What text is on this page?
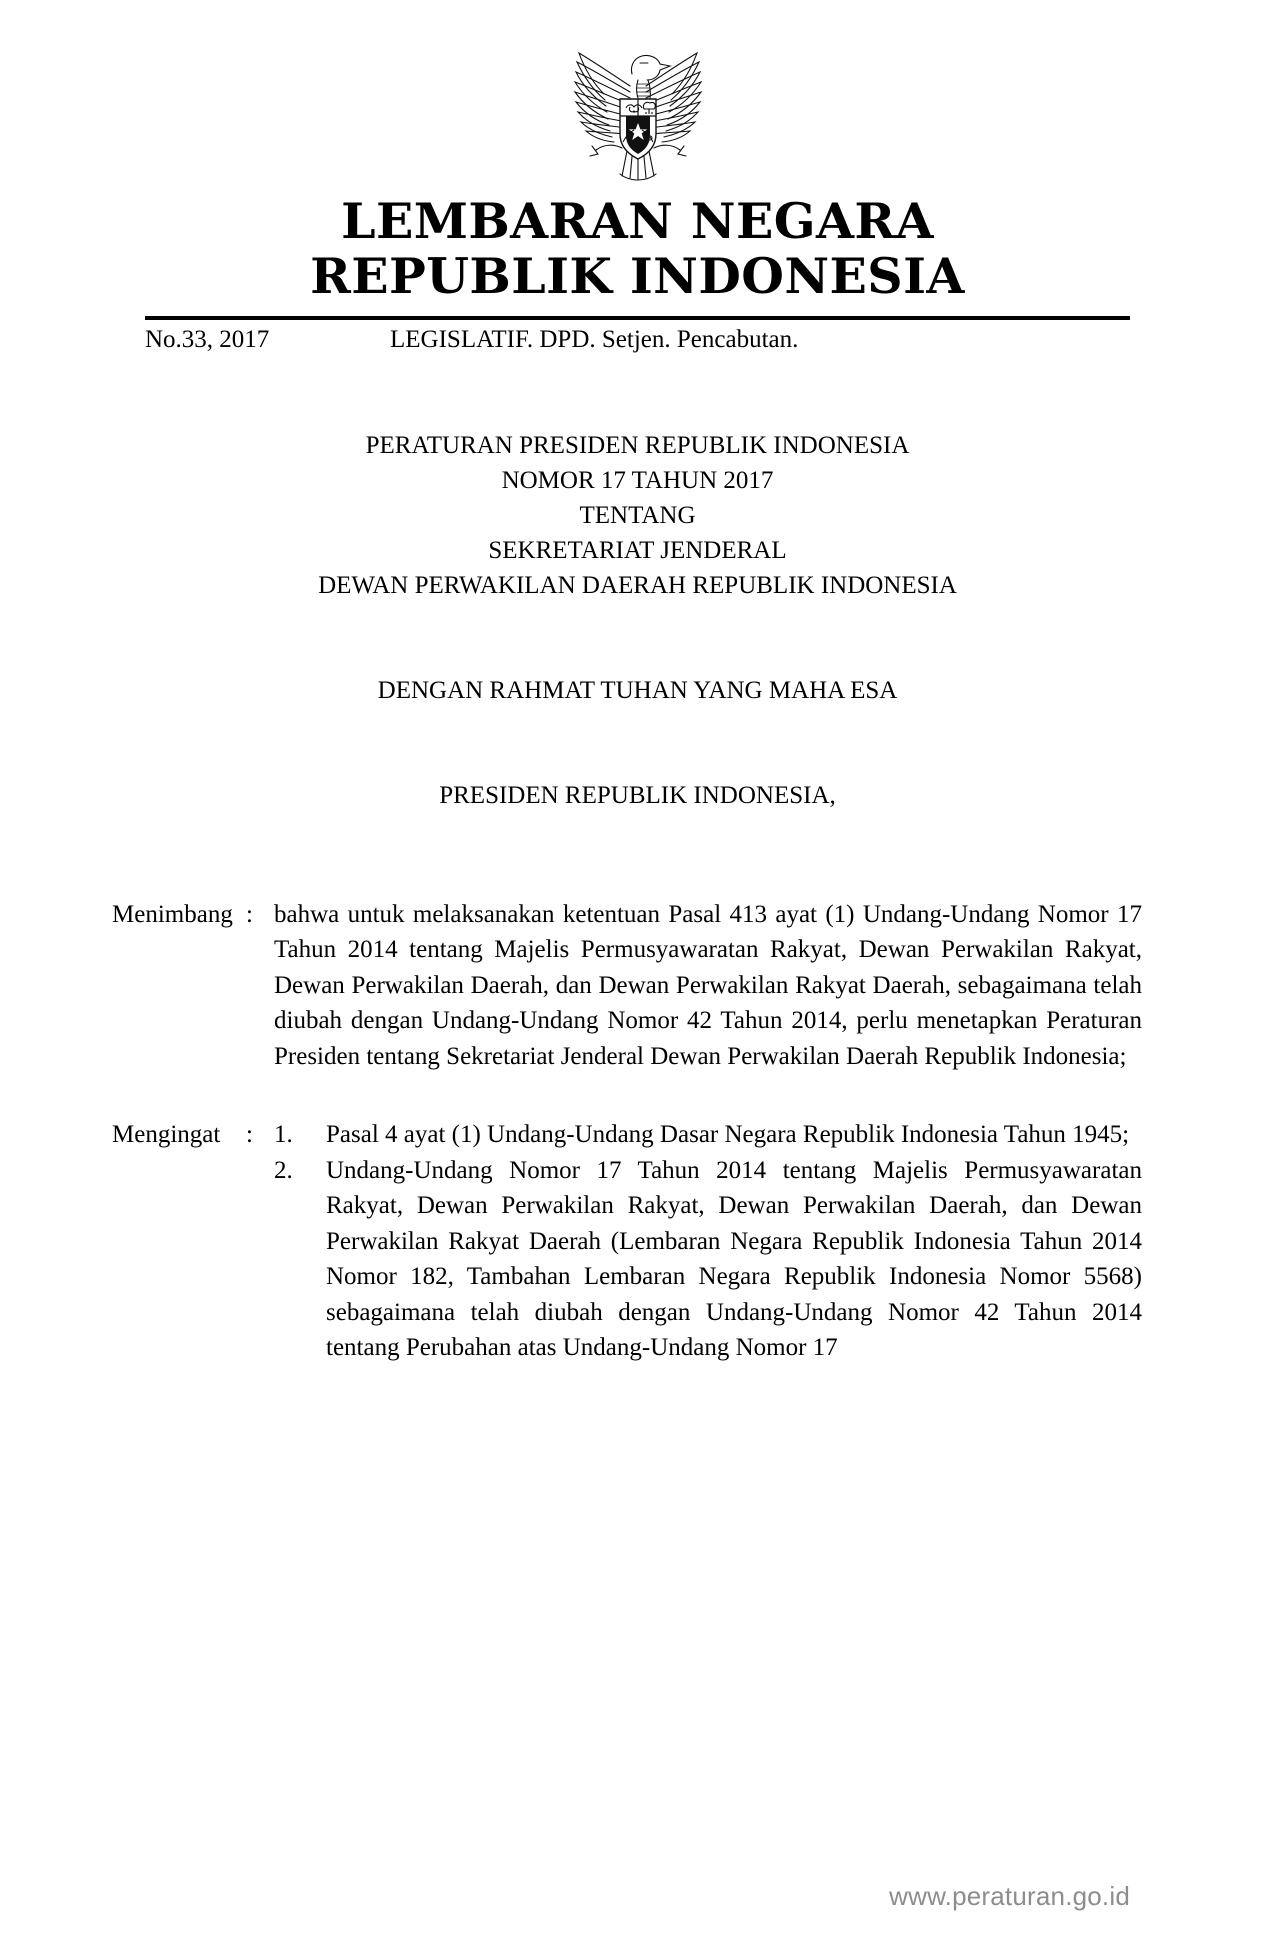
LEMBARAN NEGARA
REPUBLIK INDONESIA
No.33, 2017	LEGISLATIF. DPD. Setjen. Pencabutan.
PERATURAN PRESIDEN REPUBLIK INDONESIA
NOMOR 17 TAHUN 2017
TENTANG
SEKRETARIAT JENDERAL
DEWAN PERWAKILAN DAERAH REPUBLIK INDONESIA
DENGAN RAHMAT TUHAN YANG MAHA ESA
PRESIDEN REPUBLIK INDONESIA,
Menimbang : bahwa untuk melaksanakan ketentuan Pasal 413 ayat (1) Undang-Undang Nomor 17 Tahun 2014 tentang Majelis Permusyawaratan Rakyat, Dewan Perwakilan Rakyat, Dewan Perwakilan Daerah, dan Dewan Perwakilan Rakyat Daerah, sebagaimana telah diubah dengan Undang-Undang Nomor 42 Tahun 2014, perlu menetapkan Peraturan Presiden tentang Sekretariat Jenderal Dewan Perwakilan Daerah Republik Indonesia;

Mengingat	: 1.	Pasal 4 ayat (1) Undang-Undang Dasar Negara Republik Indonesia Tahun 1945;
2.	Undang-Undang Nomor 17 Tahun 2014 tentang Majelis Permusyawaratan Rakyat, Dewan Perwakilan Rakyat, Dewan Perwakilan Daerah, dan Dewan Perwakilan Rakyat Daerah (Lembaran Negara Republik Indonesia Tahun 2014 Nomor 182, Tambahan Lembaran Negara Republik Indonesia Nomor 5568) sebagaimana telah diubah dengan Undang-Undang Nomor 42 Tahun 2014 tentang Perubahan atas Undang-Undang Nomor 17
www.peraturan.go.id
